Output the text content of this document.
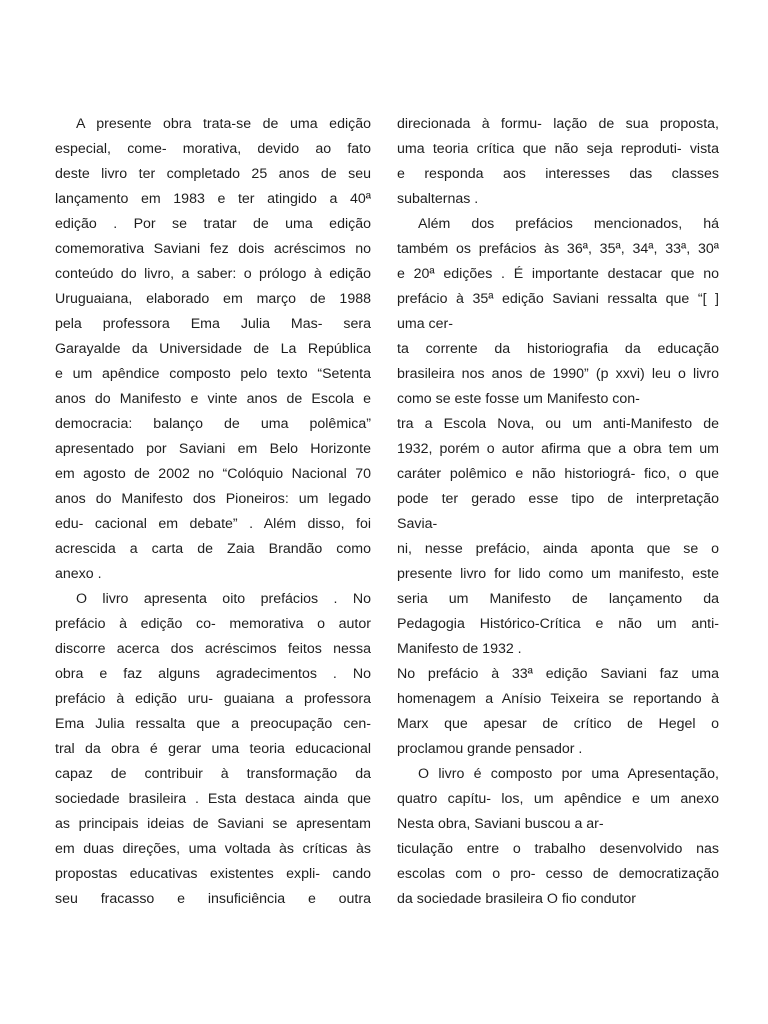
A presente obra trata-se de uma edição
especial, come- morativa, devido ao fato
deste livro ter completado 25 anos de seu
lançamento em 1983 e ter atingido a 40ª
edição . Por se tratar de uma edição
comemorativa Saviani fez dois acréscimos no
conteúdo do livro, a saber: o prólogo à edição
Uruguaiana, elaborado em março de 1988
pela professora Ema Julia Mas- sera
Garayalde da Universidade de La República
e um apêndice composto pelo texto “Setenta
anos do Manifesto e vinte anos de Escola e
democracia: balanço de uma polêmica”
apresentado por Saviani em Belo Horizonte
em agosto de 2002 no “Colóquio Nacional 70
anos do Manifesto dos Pioneiros: um legado
edu- cacional em debate” . Além disso, foi
acrescida a carta de Zaia Brandão como
anexo .
O livro apresenta oito prefácios . No
prefácio à edição co- memorativa o autor
discorre acerca dos acréscimos feitos nessa
obra e faz alguns agradecimentos . No
prefácio à edição uru- guaiana a professora
Ema Julia ressalta que a preocupação cen-
tral da obra é gerar uma teoria educacional
capaz de contribuir à transformação da
sociedade brasileira . Esta destaca ainda que
as principais ideias de Saviani se apresentam
em duas direções, uma voltada às críticas às
propostas educativas existentes expli- cando
seu fracasso e insuficiência e outra
direcionada à formu- lação de sua proposta,
uma teoria crítica que não seja reproduti- vista
e responda aos interesses das classes
subalternas .
Além dos prefácios mencionados, há
também os prefácios às 36ª, 35ª, 34ª, 33ª, 30ª
e 20ª edições . É importante destacar que no
prefácio à 35ª edição Saviani ressalta que “[ ]
uma cer-
ta corrente da historiografia da educação
brasileira nos anos de 1990” (p xxvi) leu o livro
como se este fosse um Manifesto con-
tra a Escola Nova, ou um anti-Manifesto de
1932, porém o autor afirma que a obra tem um
caráter polêmico e não historiográ- fico, o que
pode ter gerado esse tipo de interpretação
Savia-
ni, nesse prefácio, ainda aponta que se o
presente livro for lido como um manifesto, este
seria um Manifesto de lançamento da
Pedagogia Histórico-Crítica e não um anti-
Manifesto de 1932 .
No prefácio à 33ª edição Saviani faz uma
homenagem a Anísio Teixeira se reportando à
Marx que apesar de crítico de Hegel o
proclamou grande pensador .
O livro é composto por uma Apresentação,
quatro capítu- los, um apêndice e um anexo
Nesta obra, Saviani buscou a ar-
ticulação entre o trabalho desenvolvido nas
escolas com o pro- cesso de democratização
da sociedade brasileira O fio condutor
